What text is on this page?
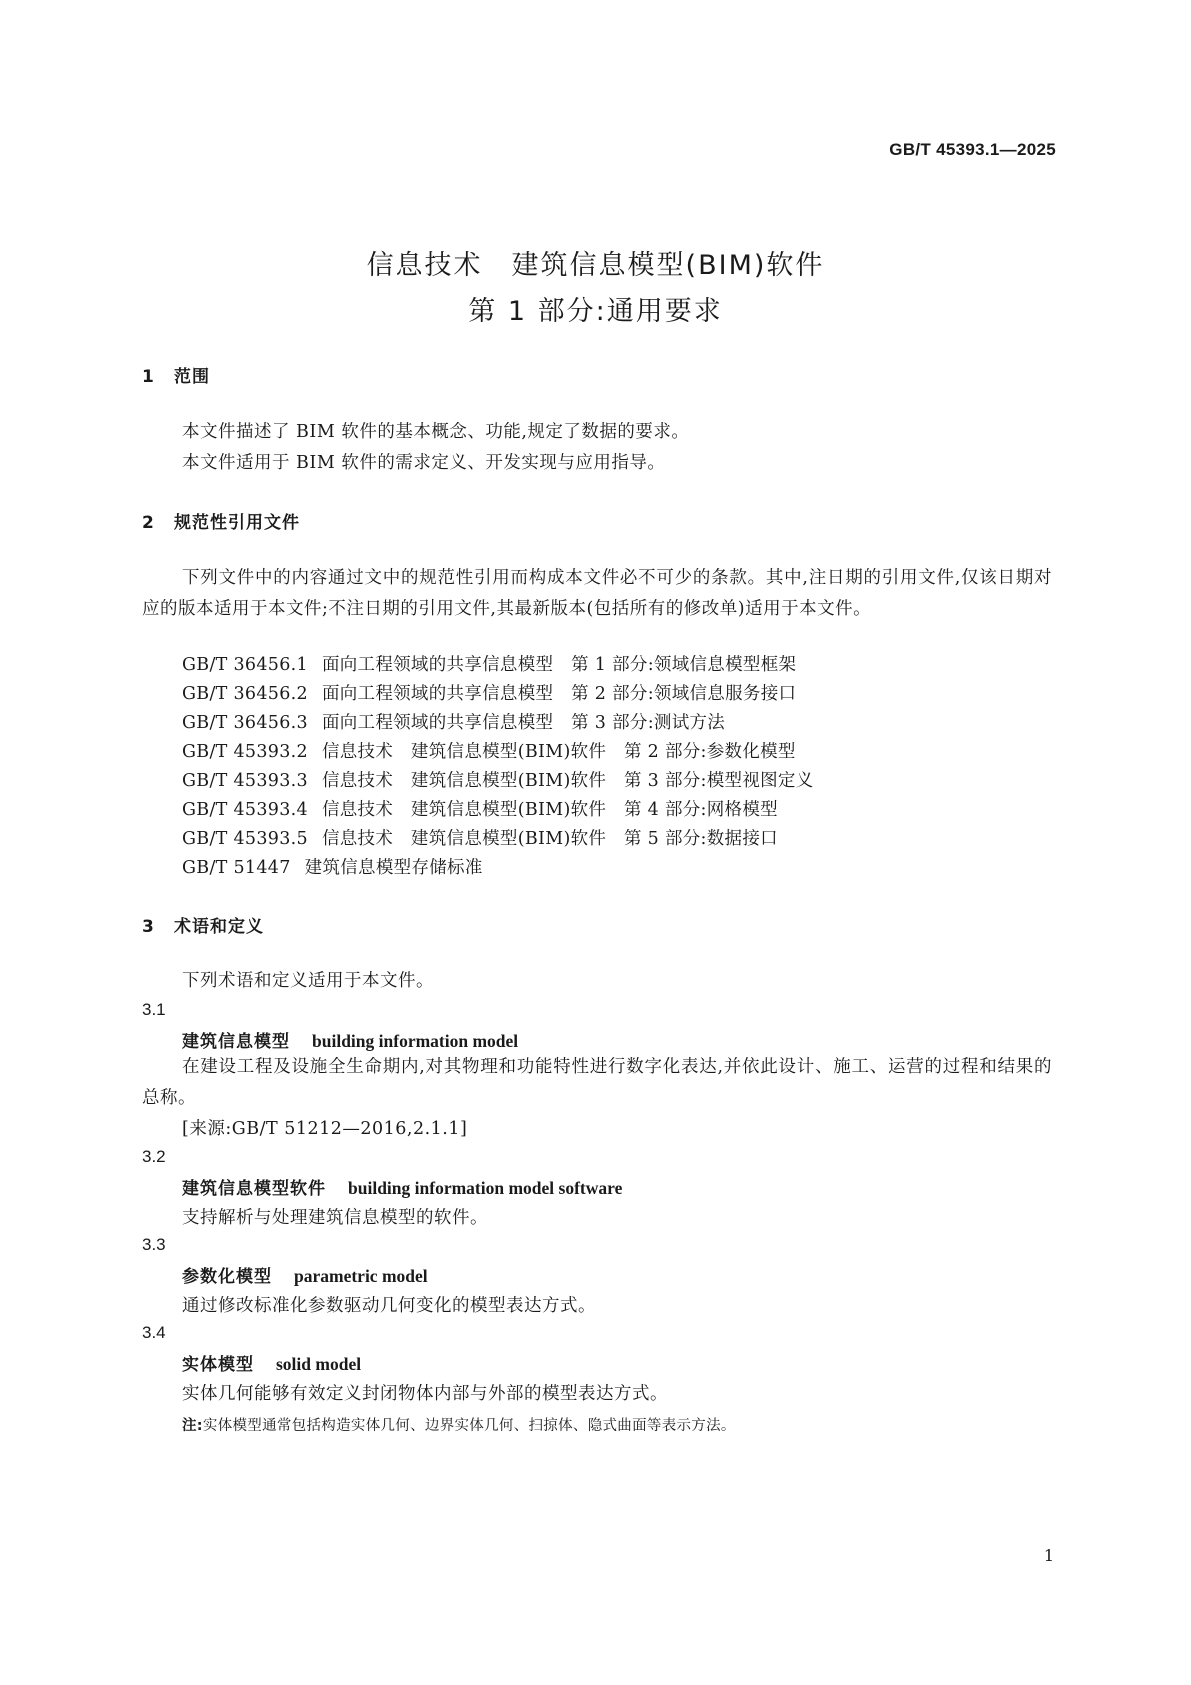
GB/T 45393.1—2025
信息技术　建筑信息模型(BIM)软件
第 1 部分:通用要求
1 范围
本文件描述了 BIM 软件的基本概念、功能,规定了数据的要求。
本文件适用于 BIM 软件的需求定义、开发实现与应用指导。
2 规范性引用文件
下列文件中的内容通过文中的规范性引用而构成本文件必不可少的条款。其中,注日期的引用文件,仅该日期对应的版本适用于本文件;不注日期的引用文件,其最新版本(包括所有的修改单)适用于本文件。
GB/T 36456.1 面向工程领域的共享信息模型　第 1 部分:领域信息模型框架
GB/T 36456.2 面向工程领域的共享信息模型　第 2 部分:领域信息服务接口
GB/T 36456.3 面向工程领域的共享信息模型　第 3 部分:测试方法
GB/T 45393.2 信息技术　建筑信息模型(BIM)软件　第 2 部分:参数化模型
GB/T 45393.3 信息技术　建筑信息模型(BIM)软件　第 3 部分:模型视图定义
GB/T 45393.4 信息技术　建筑信息模型(BIM)软件　第 4 部分:网格模型
GB/T 45393.5 信息技术　建筑信息模型(BIM)软件　第 5 部分:数据接口
GB/T 51447 建筑信息模型存储标准
3 术语和定义
下列术语和定义适用于本文件。
3.1
建筑信息模型 building information model
在建设工程及设施全生命期内,对其物理和功能特性进行数字化表达,并依此设计、施工、运营的过程和结果的总称。
[来源:GB/T 51212—2016,2.1.1]
3.2
建筑信息模型软件 building information model software
支持解析与处理建筑信息模型的软件。
3.3
参数化模型 parametric model
通过修改标准化参数驱动几何变化的模型表达方式。
3.4
实体模型 solid model
实体几何能够有效定义封闭物体内部与外部的模型表达方式。
注:实体模型通常包括构造实体几何、边界实体几何、扫掠体、隐式曲面等表示方法。
1
